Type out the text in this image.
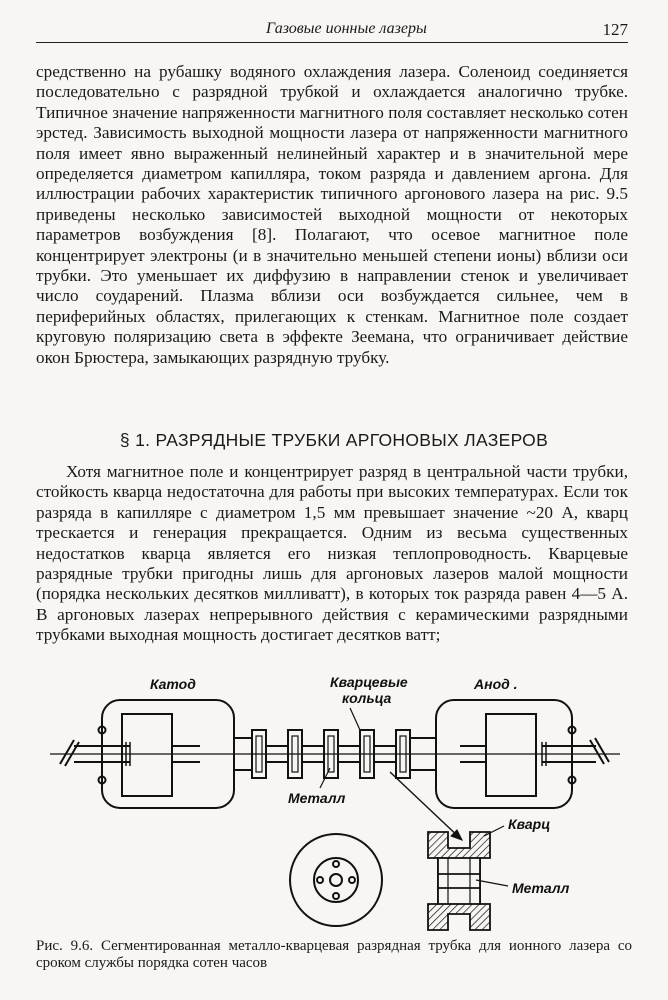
Газовые ионные лазеры	127

средственно на рубашку водяного охлаждения лазера. Соленоид соединяется последовательно с разрядной трубкой и охлаждается аналогично трубке. Типичное значение напряженности магнитного поля составляет несколько сотен эрстед. Зависимость выходной мощности лазера от напряженности магнитного поля имеет явно выраженный нелинейный характер и в значительной мере определяется диаметром капилляра, током разряда и давлением аргона. Для иллюстрации рабочих характеристик типичного аргонового лазера на рис. 9.5 приведены несколько зависимостей выходной мощности от некоторых параметров возбуждения [8]. Полагают, что осевое магнитное поле концентрирует электроны (и в значительно меньшей степени ионы) вблизи оси трубки. Это уменьшает их диффузию в направлении стенок и увеличивает число соударений. Плазма вблизи оси возбуждается сильнее, чем в периферийных областях, прилегающих к стенкам. Магнитное поле создает круговую поляризацию света в эффекте Зеемана, что ограничивает действие окон Брюстера, замыкающих разрядную трубку.

§ 1. РАЗРЯДНЫЕ ТРУБКИ АРГОНОВЫХ ЛАЗЕРОВ

Хотя магнитное поле и концентрирует разряд в центральной части трубки, стойкость кварца недостаточна для работы при высоких температурах. Если ток разряда в капилляре с диаметром 1,5 мм превышает значение ~20 А, кварц трескается и генерация прекращается. Одним из весьма существенных недостатков кварца является его низкая теплопроводность. Кварцевые разрядные трубки пригодны лишь для аргоновых лазеров малой мощности (порядка нескольких десятков милливатт), в которых ток разряда равен 4—5 А. В аргоновых лазерах непрерывного действия с керамическими разрядными трубками выходная мощность достигает десятков ватт;

Катод	Кварцевые
кольца
Анод .
Металл
Кварц
Металл

Рис. 9.6. Сегментированная металло-кварцевая разрядная трубка для ионного лазера со сроком службы порядка сотен часов
